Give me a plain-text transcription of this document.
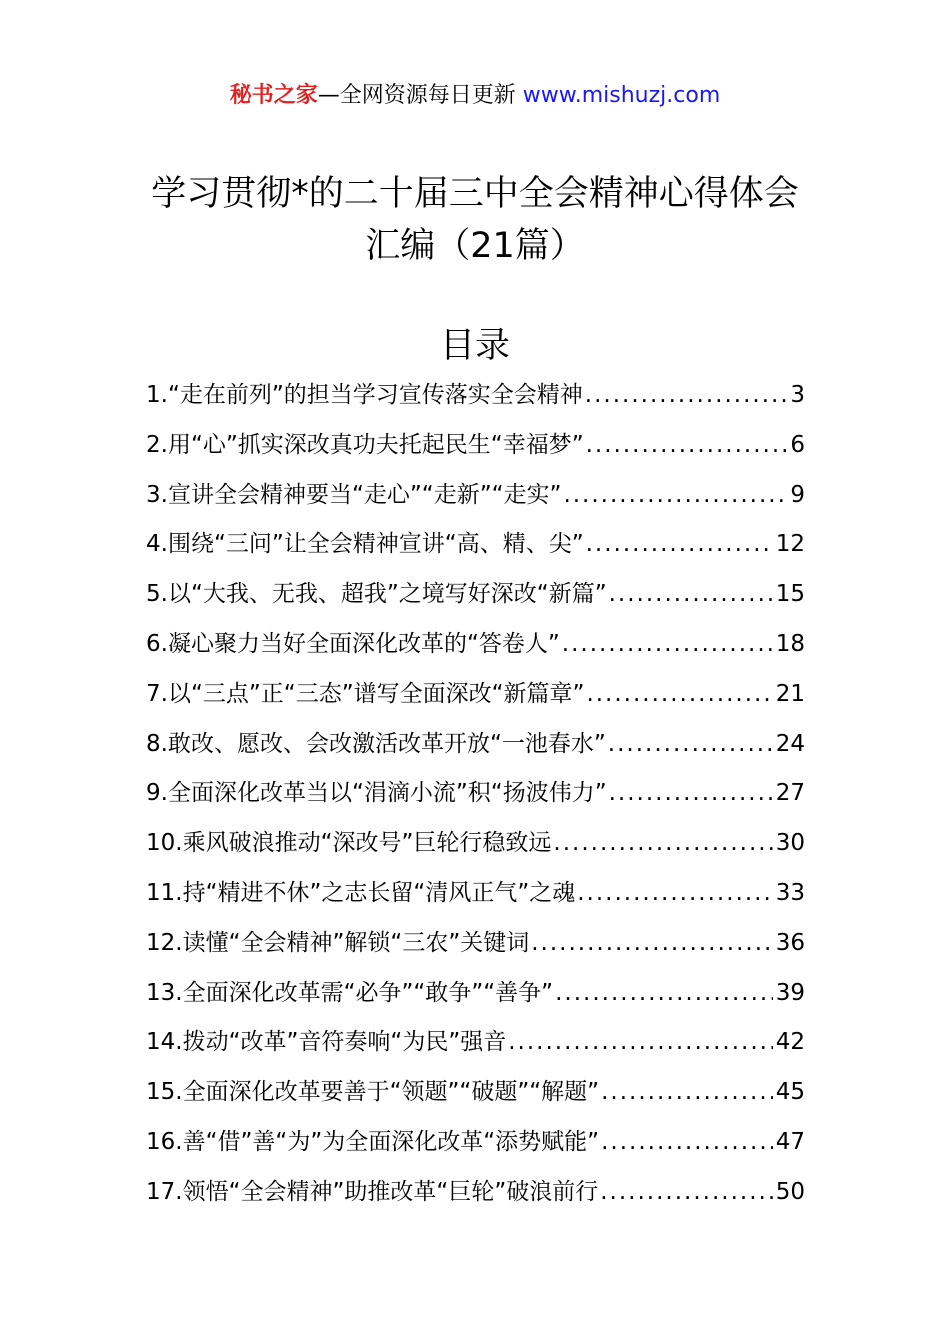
秘书之家—全网资源每日更新 www.mishuzj.com
学习贯彻*的二十届三中全会精神心得体会
汇编（21篇）
目录
1.“走在前列”的担当学习宣传落实全会精神 .....	3
2.用“心”抓实深改真功夫托起民生“幸福梦” .....	6
3.宣讲全会精神要当“走心”“走新”“走实” .....	9
4.围绕“三问”让全会精神宣讲“高、精、尖” .....	12
5.以“大我、无我、超我”之境写好深改“新篇” .....	15
6.凝心聚力当好全面深化改革的“答卷人” .....	18
7.以“三点”正“三态”谱写全面深改“新篇章” .....	21
8.敢改、愿改、会改激活改革开放“一池春水” .....	24
9.全面深化改革当以“涓滴小流”积“扬波伟力” .....	27
10.乘风破浪推动“深改号”巨轮行稳致远 .....	30
11.持“精进不休”之志长留“清风正气”之魂 .....	33
12.读懂“全会精神”解锁“三农”关键词 .....	36
13.全面深化改革需“必争”“敢争”“善争” .....	39
14.拨动“改革”音符奏响“为民”强音 .....	42
15.全面深化改革要善于“领题”“破题”“解题” .....	45
16.善“借”善“为”为全面深化改革“添势赋能” .....	47
17.领悟“全会精神”助推改革“巨轮”破浪前行 .....	50
